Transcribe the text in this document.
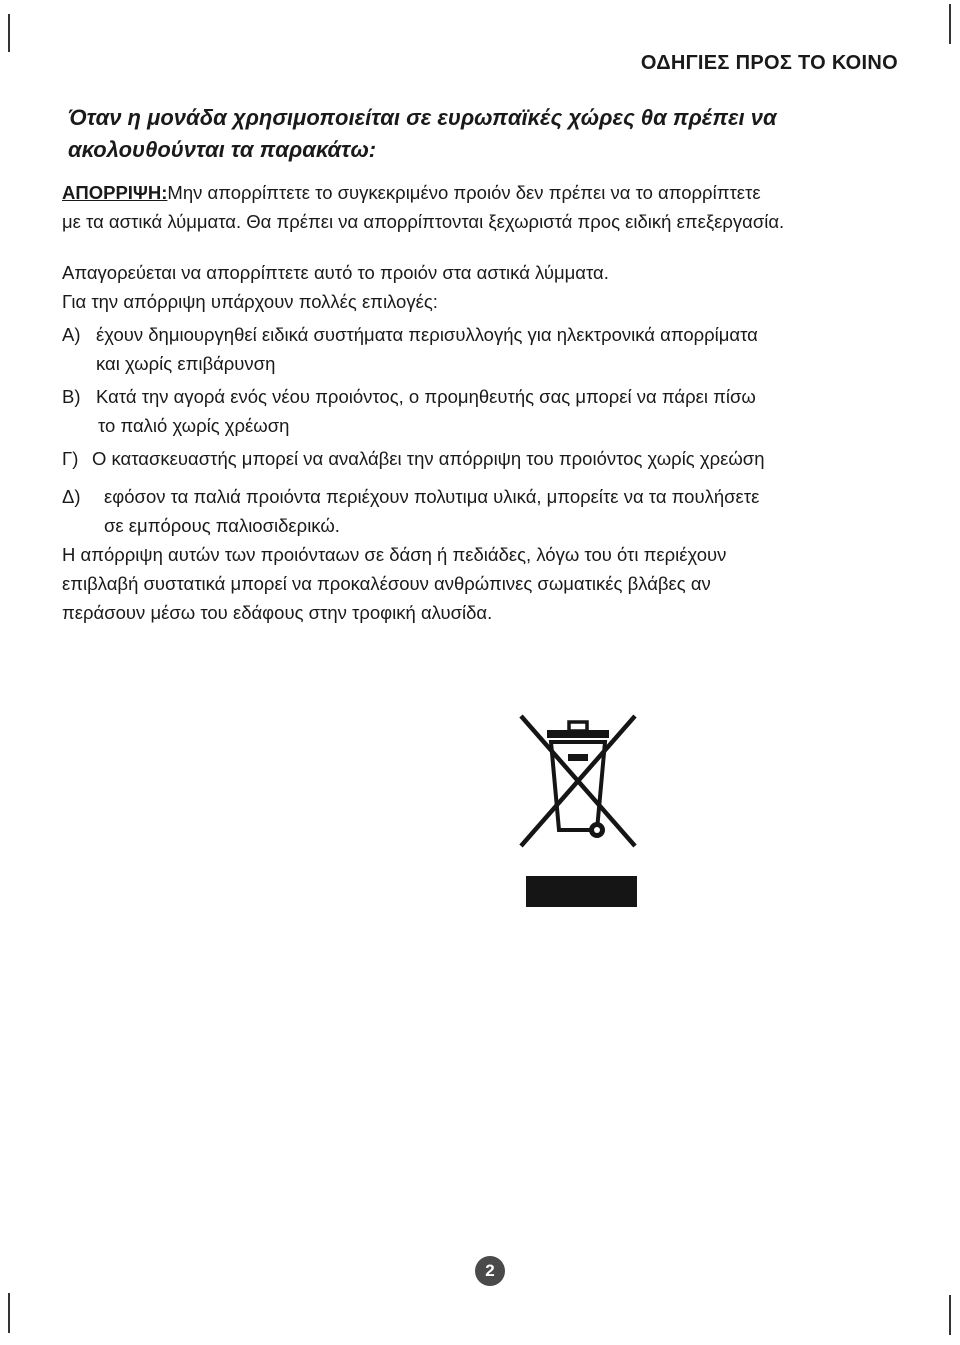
ΟΔΗΓΙΕΣ ΠΡΟΣ ΤΟ ΚΟΙΝΟ
Όταν η μονάδα χρησιμοποιείται σε ευρωπαϊκές χώρες θα πρέπει να
ακολουθούνται τα παρακάτω:
ΑΠΟΡΡΙΨΗ:Μην απορρίπτετε το συγκεκριμένο προιόν δεν πρέπει να το απορρίπτετε
με τα αστικά λύμματα. Θα πρέπει να απορρίπτονται ξεχωριστά προς ειδική επεξεργασία.
Απαγορεύεται να απορρίπτετε αυτό το προιόν στα αστικά λύμματα.
Για την απόρριψη υπάρχουν πολλές επιλογές:
A) έχουν δημιουργηθεί ειδικά συστήματα περισυλλογής για ηλεκτρονικά απορρίματα
και χωρίς επιβάρυνση
B) Κατά την αγορά ενός νέου προιόντος, ο προμηθευτής σας μπορεί να πάρει πίσω
το παλιό χωρίς χρέωση
Γ) Ο κατασκευαστής μπορεί να αναλάβει την απόρριψη του προιόντος χωρίς χρεώση
Δ)	εφόσον τα παλιά προιόντα περιέχουν πολυτιμα υλικά, μπορείτε να τα πουλήσετε
σε εμπόρους παλιοσιδερικώ.
Η απόρριψη αυτών των προιόνταων σε δάση ή πεδιάδες, λόγω του ότι περιέχουν
επιβλαβή συστατικά μπορεί να προκαλέσουν ανθρώπινες σωματικές βλάβες αν
περάσουν μέσω του εδάφους στην τροφική αλυσίδα.
2
